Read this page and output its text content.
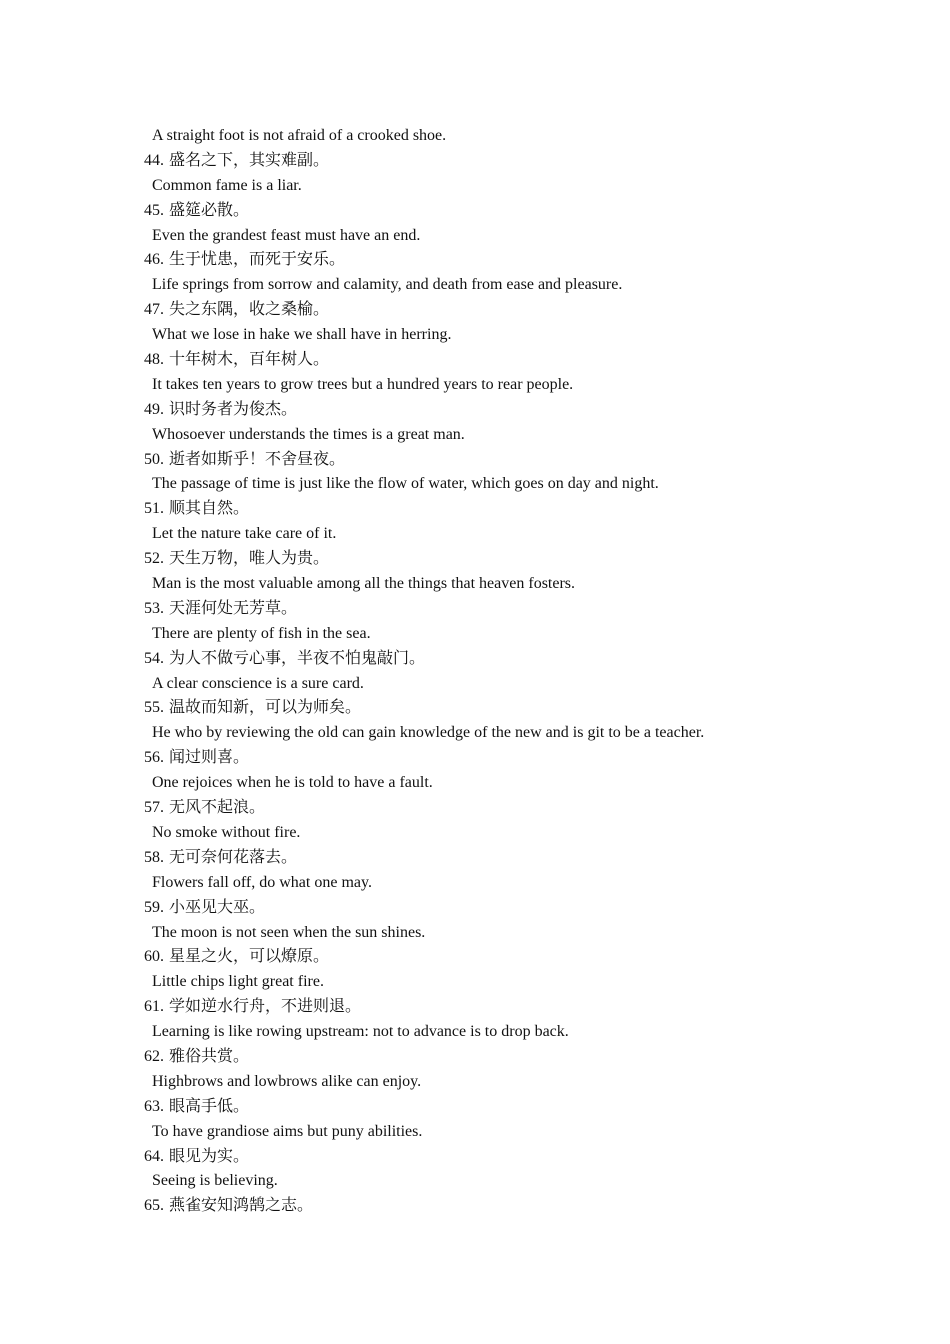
A straight foot is not afraid of a crooked shoe.
44. 盛名之下，其实难副。
Common fame is a liar.
45. 盛筵必散。
Even the grandest feast must have an end.
46. 生于忧患，而死于安乐。
Life springs from sorrow and calamity, and death from ease and pleasure.
47. 失之东隅，收之桑榆。
What we lose in hake we shall have in herring.
48. 十年树木，百年树人。
It takes ten years to grow trees but a hundred years to rear people.
49. 识时务者为俊杰。
Whosoever understands the times is a great man.
50. 逝者如斯乎！不舍昼夜。
The passage of time is just like the flow of water, which goes on day and night.
51. 顺其自然。
Let the nature take care of it.
52. 天生万物，唯人为贵。
Man is the most valuable among all the things that heaven fosters.
53. 天涯何处无芳草。
There are plenty of fish in the sea.
54. 为人不做亏心事，半夜不怕鬼敲门。
A clear conscience is a sure card.
55. 温故而知新，可以为师矣。
He who by reviewing the old can gain knowledge of the new and is git to be a teacher.
56. 闻过则喜。
One rejoices when he is told to have a fault.
57. 无风不起浪。
No smoke without fire.
58. 无可奈何花落去。
Flowers fall off, do what one may.
59. 小巫见大巫。
The moon is not seen when the sun shines.
60. 星星之火，可以燎原。
Little chips light great fire.
61. 学如逆水行舟，不进则退。
Learning is like rowing upstream: not to advance is to drop back.
62. 雅俗共赏。
Highbrows and lowbrows alike can enjoy.
63. 眼高手低。
To have grandiose aims but puny abilities.
64. 眼见为实。
Seeing is believing.
65. 燕雀安知鸿鹄之志。
